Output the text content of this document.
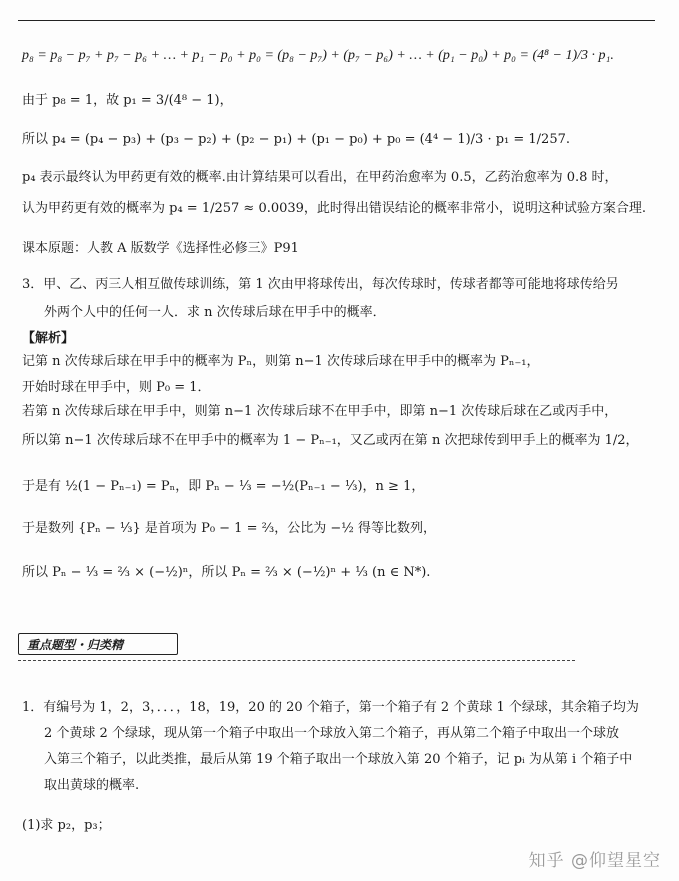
p₈ = p₈ − p₇ + p₇ − p₆ + … + p₁ − p₀ + p₀ = (p₈ − p₇) + (p₇ − p₆) + … + (p₁ − p₀) + p₀ = (4⁸ − 1)/3 · p₁.
由于 p₈ = 1，故 p₁ = 3/(4⁸ − 1)，
所以 p₄ = (p₄ − p₃) + (p₃ − p₂) + (p₂ − p₁) + (p₁ − p₀) + p₀ = (4⁴ − 1)/3 · p₁ = 1/257.
p₄ 表示最终认为甲药更有效的概率.由计算结果可以看出，在甲药治愈率为 0.5，乙药治愈率为 0.8 时，
认为甲药更有效的概率为 p₄ = 1/257 ≈ 0.0039，此时得出错误结论的概率非常小，说明这种试验方案合理.
课本原题：人教 A 版数学《选择性必修三》P91
3．甲、乙、丙三人相互做传球训练，第 1 次由甲将球传出，每次传球时，传球者都等可能地将球传给另
外两个人中的任何一人．求 n 次传球后球在甲手中的概率．
【解析】
记第 n 次传球后球在甲手中的概率为 Pₙ，则第 n−1 次传球后球在甲手中的概率为 Pₙ₋₁，
开始时球在甲手中，则 P₀ = 1．
若第 n 次传球后球在甲手中，则第 n−1 次传球后球不在甲手中，即第 n−1 次传球后球在乙或丙手中，
所以第 n−1 次传球后球不在甲手中的概率为 1 − Pₙ₋₁，又乙或丙在第 n 次把球传到甲手上的概率为 1/2，
于是有 ½(1 − Pₙ₋₁) = Pₙ，即 Pₙ − ⅓ = −½(Pₙ₋₁ − ⅓)，n ≥ 1，
于是数列 {Pₙ − ⅓} 是首项为 P₀ − 1 = ⅔，公比为 −½ 得等比数列，
所以 Pₙ − ⅓ = ⅔ × (−½)ⁿ，所以 Pₙ = ⅔ × (−½)ⁿ + ⅓ (n ∈ N*).
重点题型・归类精
1．有编号为 1，2，3，．．．，18，19，20 的 20 个箱子，第一个箱子有 2 个黄球 1 个绿球，其余箱子均为
2 个黄球 2 个绿球，现从第一个箱子中取出一个球放入第二个箱子，再从第二个箱子中取出一个球放
入第三个箱子，以此类推，最后从第 19 个箱子取出一个球放入第 20 个箱子，记 pᵢ 为从第 i 个箱子中
取出黄球的概率.
(1)求 p₂，p₃；
知乎 @仰望星空
